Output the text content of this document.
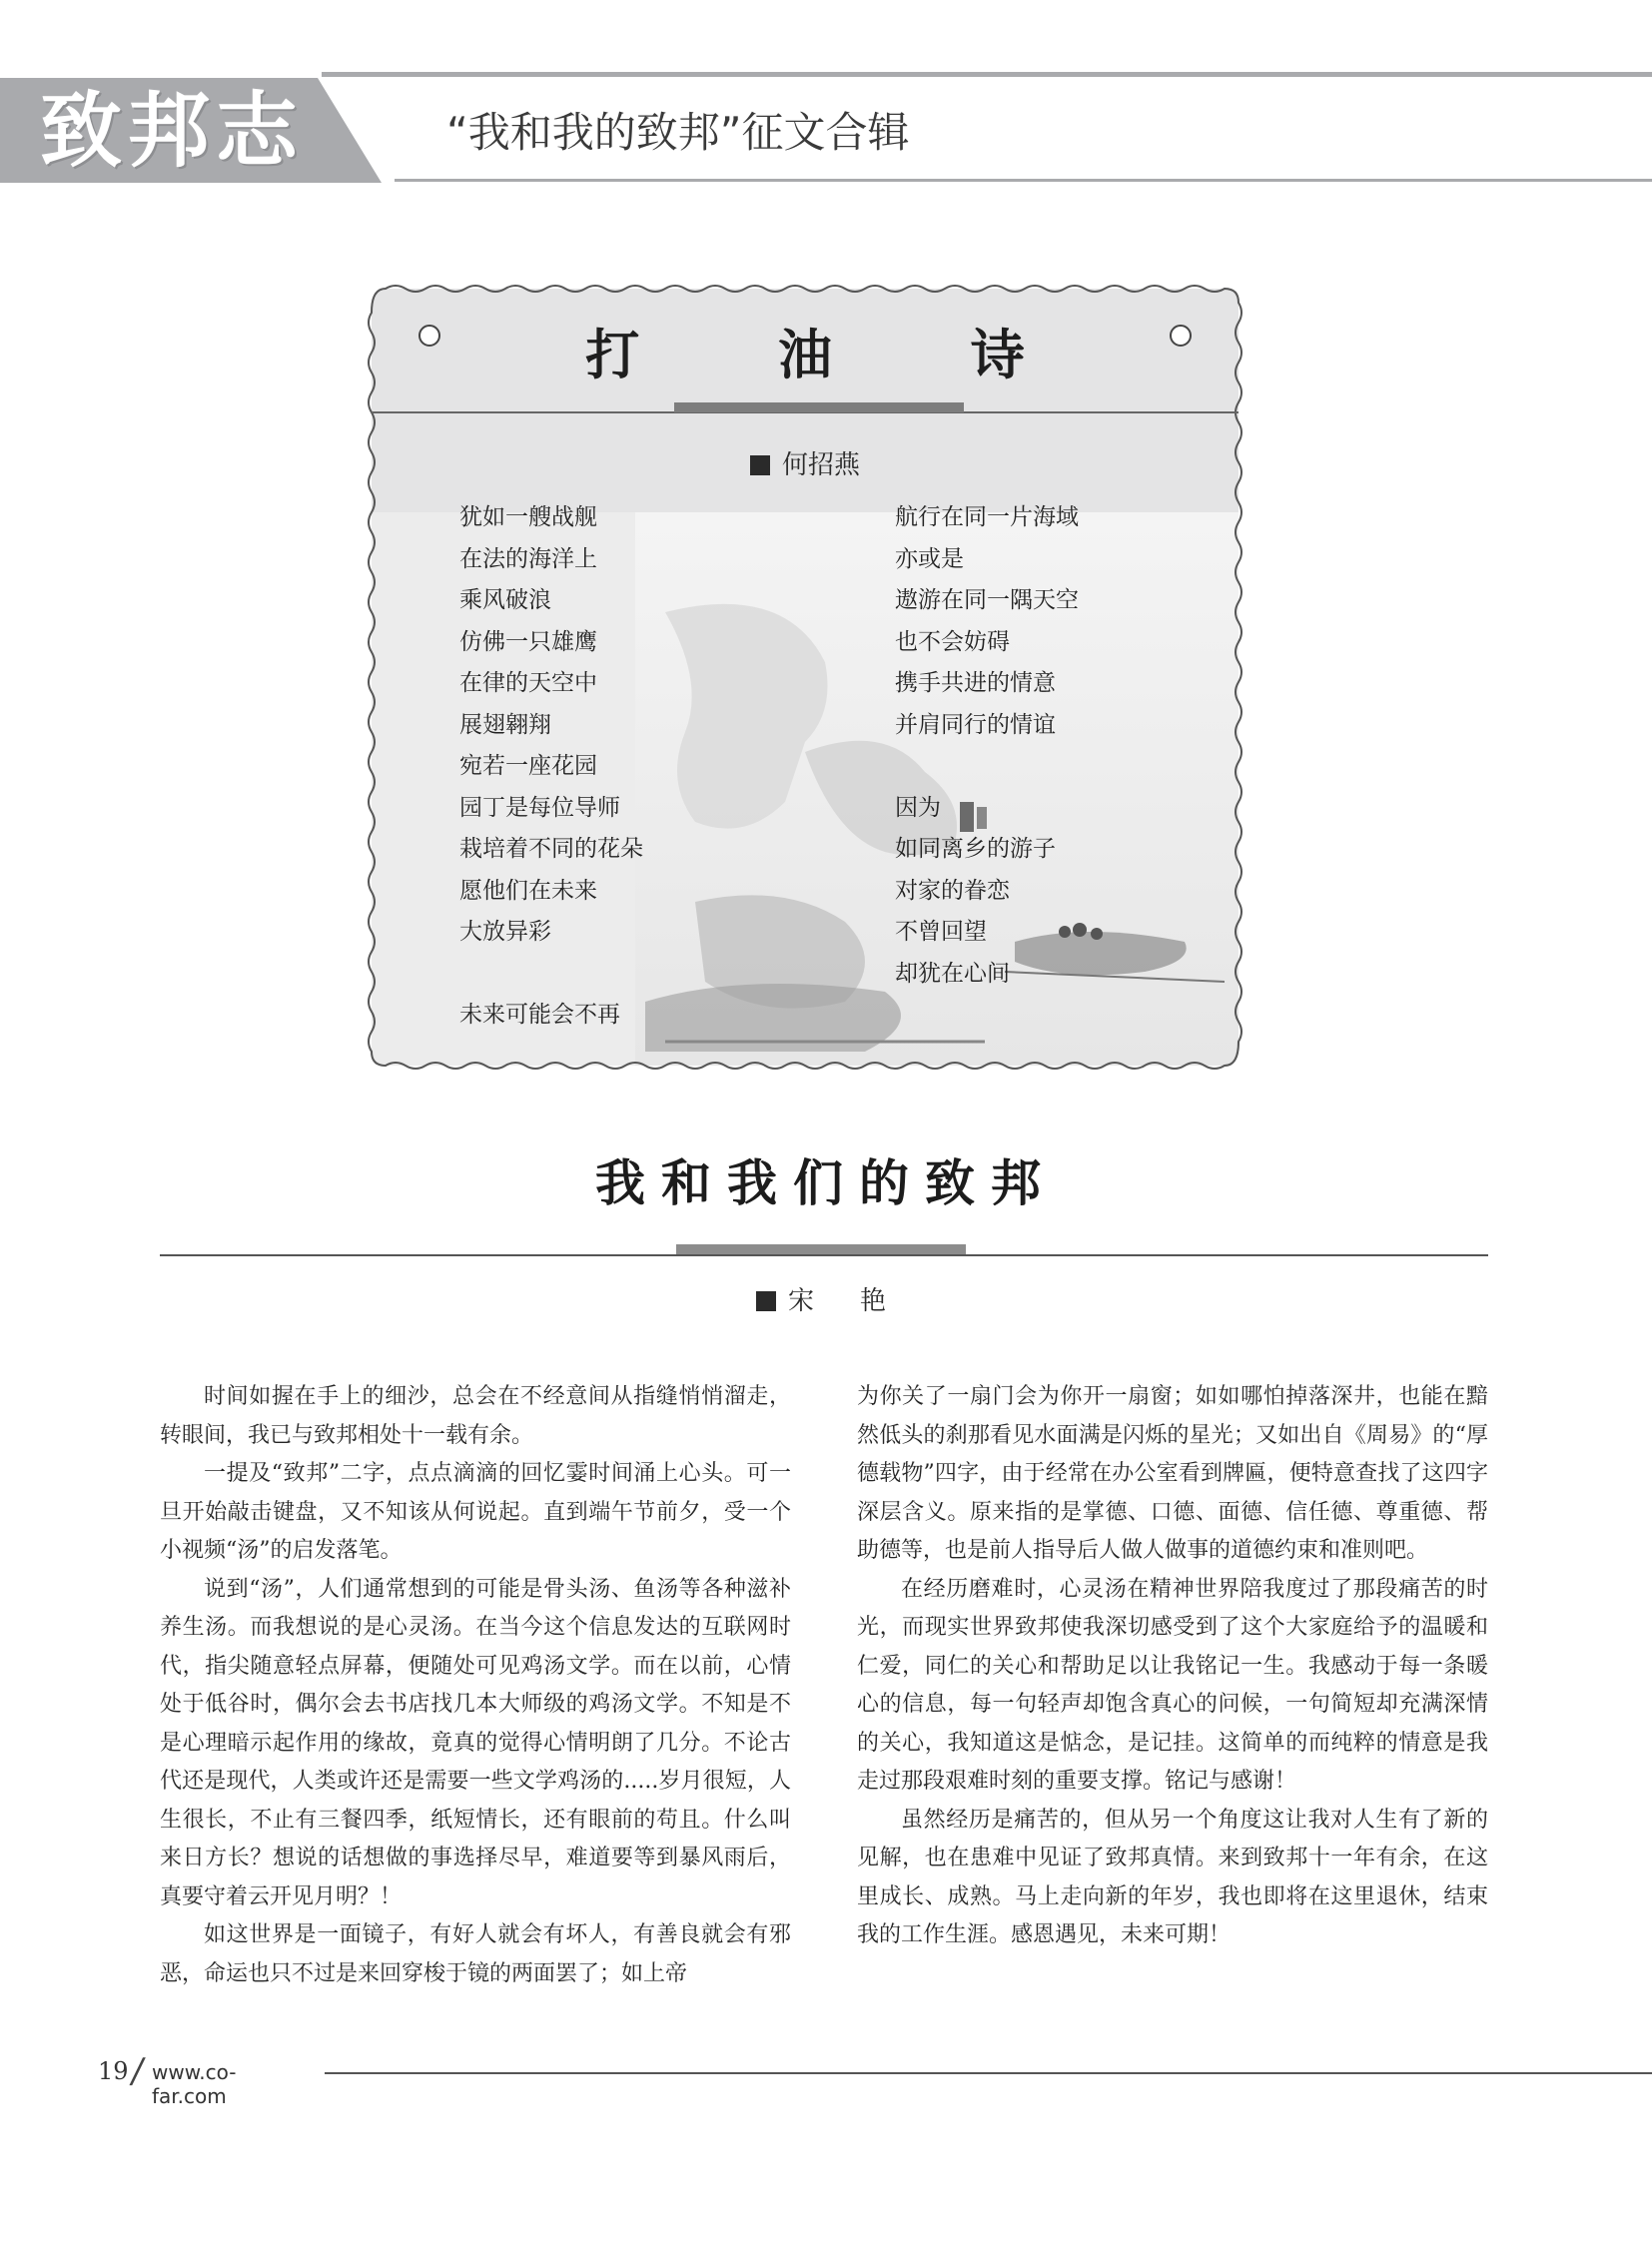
致邦志	“我和我的致邦”征文合辑
打 油 诗
何招燕
犹如一艘战舰
在法的海洋上
乘风破浪
仿佛一只雄鹰
在律的天空中
展翅翱翔
宛若一座花园
园丁是每位导师
栽培着不同的花朵
愿他们在未来
大放异彩
未来可能会不再
航行在同一片海域
亦或是
遨游在同一隅天空
也不会妨碍
携手共进的情意
并肩同行的情谊
因为
如同离乡的游子
对家的眷恋
不曾回望
却犹在心间
我和我们的致邦
宋　艳

时间如握在手上的细沙，总会在不经意间从指缝悄悄溜走，转眼间，我已与致邦相处十一载有余。

一提及“致邦”二字，点点滴滴的回忆霎时间涌上心头。可一旦开始敲击键盘，又不知该从何说起。直到端午节前夕，受一个小视频“汤”的启发落笔。

说到“汤”，人们通常想到的可能是骨头汤、鱼汤等各种滋补养生汤。而我想说的是心灵汤。在当今这个信息发达的互联网时代，指尖随意轻点屏幕，便随处可见鸡汤文学。而在以前，心情处于低谷时，偶尔会去书店找几本大师级的鸡汤文学。不知是不是心理暗示起作用的缘故，竟真的觉得心情明朗了几分。不论古代还是现代，人类或许还是需要一些文学鸡汤的.....岁月很短，人生很长，不止有三餐四季，纸短情长，还有眼前的苟且。什么叫来日方长？想说的话想做的事选择尽早，难道要等到暴风雨后，真要守着云开见月明？！

如这世界是一面镜子，有好人就会有坏人，有善良就会有邪恶，命运也只不过是来回穿梭于镜的两面罢了；如上帝

为你关了一扇门会为你开一扇窗；如如哪怕掉落深井，也能在黯然低头的刹那看见水面满是闪烁的星光；又如出自《周易》的“厚德载物”四字，由于经常在办公室看到牌匾，便特意查找了这四字深层含义。原来指的是掌德、口德、面德、信任德、尊重德、帮助德等，也是前人指导后人做人做事的道德约束和准则吧。

在经历磨难时，心灵汤在精神世界陪我度过了那段痛苦的时光，而现实世界致邦使我深切感受到了这个大家庭给予的温暖和仁爱，同仁的关心和帮助足以让我铭记一生。我感动于每一条暖心的信息，每一句轻声却饱含真心的问候，一句简短却充满深情的关心，我知道这是惦念，是记挂。这简单的而纯粹的情意是我走过那段艰难时刻的重要支撑。铭记与感谢！

虽然经历是痛苦的，但从另一个角度这让我对人生有了新的见解，也在患难中见证了致邦真情。来到致邦十一年有余，在这里成长、成熟。马上走向新的年岁，我也即将在这里退休，结束我的工作生涯。感恩遇见，未来可期！

19 / www.co-far.com
